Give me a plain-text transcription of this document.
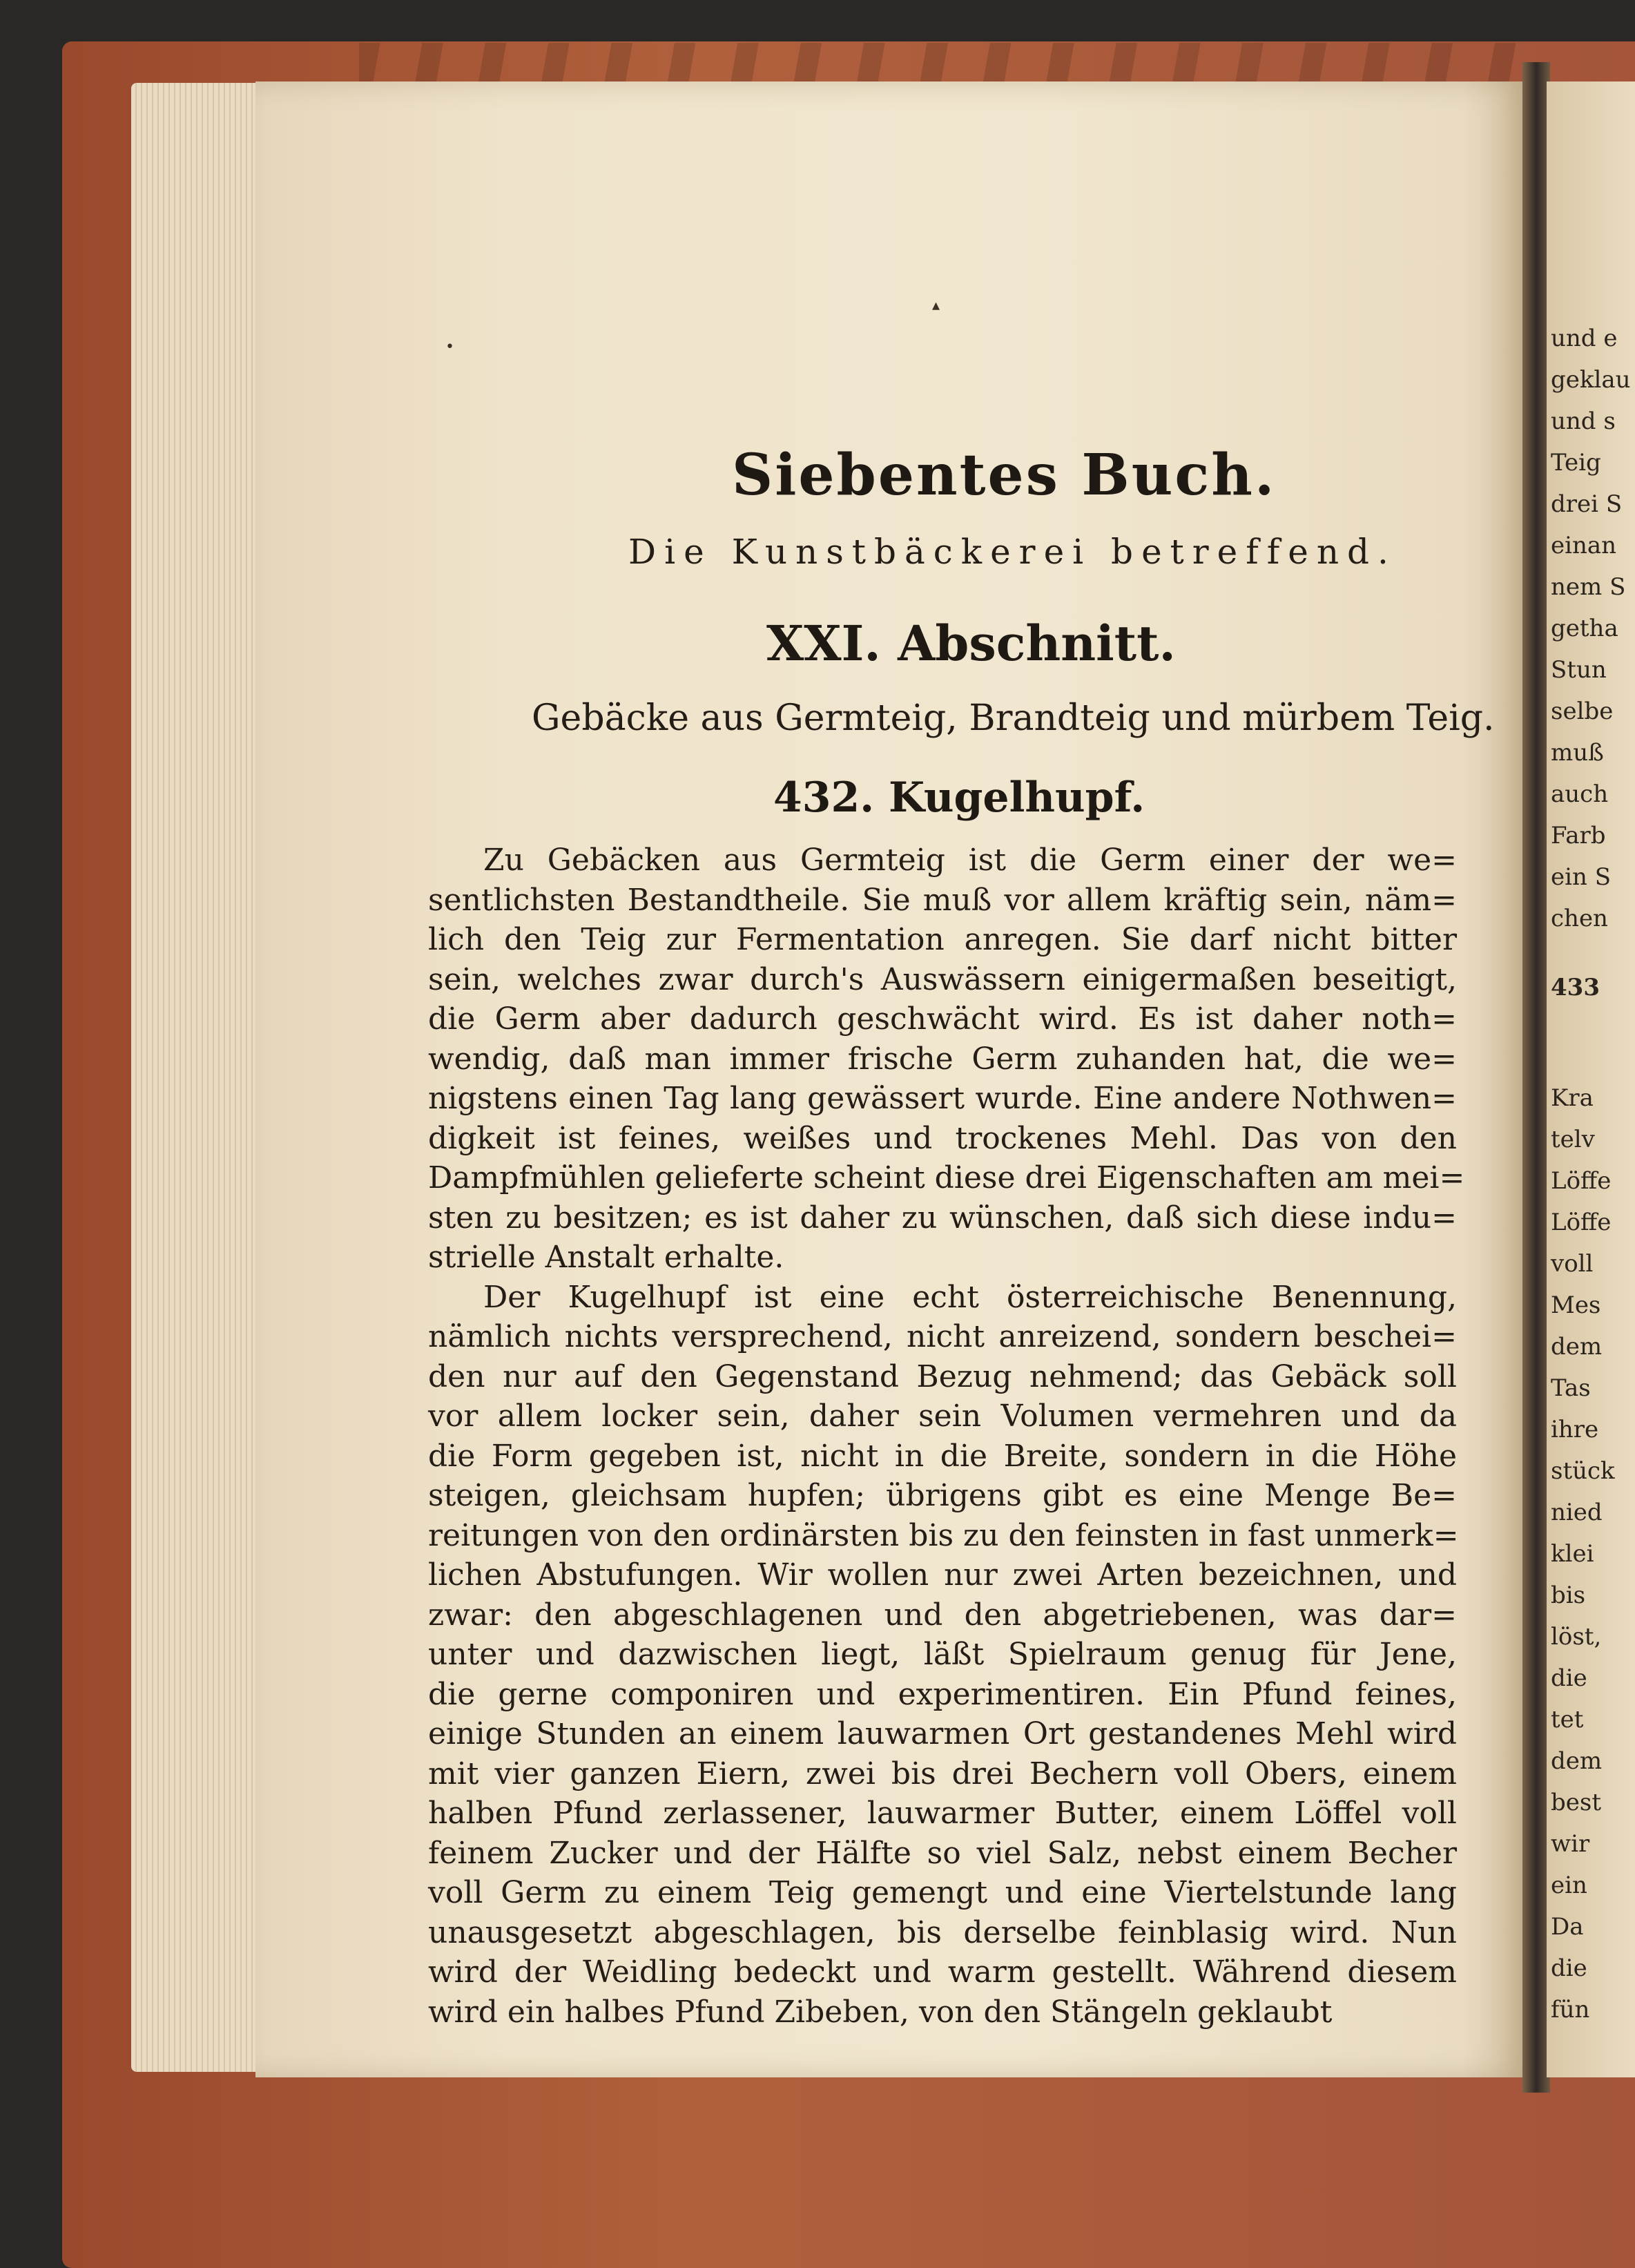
und e
geklau
und s
Teig
drei S
einan
nem S
getha
Stun
selbe
muß
auch
Farb
ein S
chen
433
Kra
telv
Löffe
Löffe
voll
Mes
dem
Tas
ihre
stück
nied
klei
bis
löst,
die
tet
dem
best
wir
ein
Da
die
fün
▴
•
Siebentes Buch.
Die Kunstbäckerei betreffend.
XXI. Abschnitt.
Gebäcke aus Germteig, Brandteig und mürbem Teig.
432. Kugelhupf.
Zu Gebäcken aus Germteig ist die Germ einer der we=
sentlichsten Bestandtheile. Sie muß vor allem kräftig sein, näm=
lich den Teig zur Fermentation anregen. Sie darf nicht bitter
sein, welches zwar durch's Auswässern einigermaßen beseitigt,
die Germ aber dadurch geschwächt wird. Es ist daher noth=
wendig, daß man immer frische Germ zuhanden hat, die we=
nigstens einen Tag lang gewässert wurde. Eine andere Nothwen=
digkeit ist feines, weißes und trockenes Mehl. Das von den
Dampfmühlen gelieferte scheint diese drei Eigenschaften am mei=
sten zu besitzen; es ist daher zu wünschen, daß sich diese indu=
strielle Anstalt erhalte.
Der Kugelhupf ist eine echt österreichische Benennung,
nämlich nichts versprechend, nicht anreizend, sondern beschei=
den nur auf den Gegenstand Bezug nehmend; das Gebäck soll
vor allem locker sein, daher sein Volumen vermehren und da
die Form gegeben ist, nicht in die Breite, sondern in die Höhe
steigen, gleichsam hupfen; übrigens gibt es eine Menge Be=
reitungen von den ordinärsten bis zu den feinsten in fast unmerk=
lichen Abstufungen. Wir wollen nur zwei Arten bezeichnen, und
zwar: den abgeschlagenen und den abgetriebenen, was dar=
unter und dazwischen liegt, läßt Spielraum genug für Jene,
die gerne componiren und experimentiren. Ein Pfund feines,
einige Stunden an einem lauwarmen Ort gestandenes Mehl wird
mit vier ganzen Eiern, zwei bis drei Bechern voll Obers, einem
halben Pfund zerlassener, lauwarmer Butter, einem Löffel voll
feinem Zucker und der Hälfte so viel Salz, nebst einem Becher
voll Germ zu einem Teig gemengt und eine Viertelstunde lang
unausgesetzt abgeschlagen, bis derselbe feinblasig wird. Nun
wird der Weidling bedeckt und warm gestellt. Während diesem
wird ein halbes Pfund Zibeben, von den Stängeln geklaubt
